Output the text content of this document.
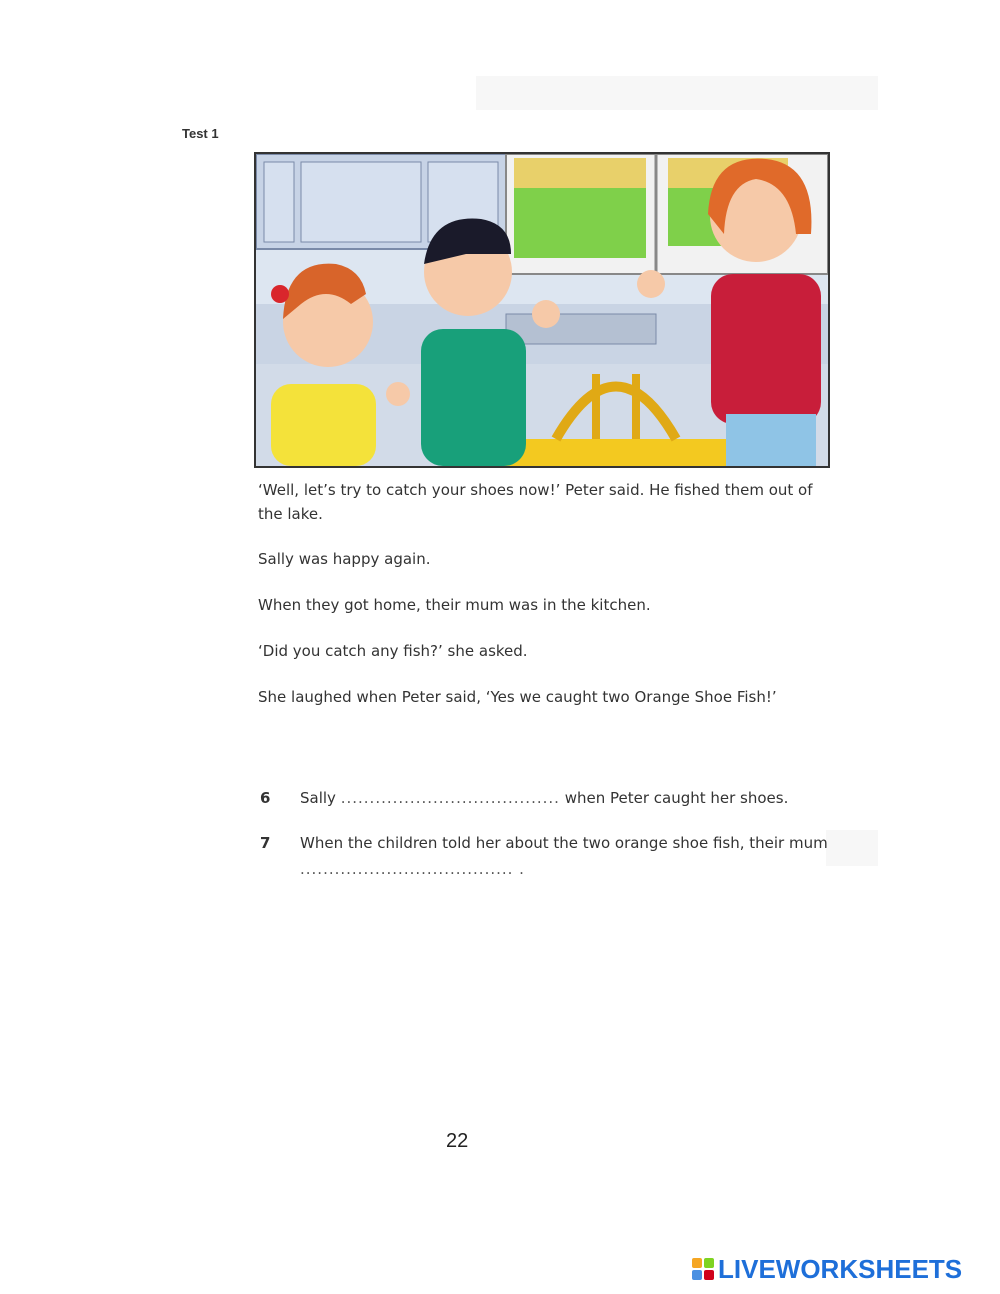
Test 1

‘Well, let’s try to catch your shoes now!’ Peter said. He fished them out of the lake.

Sally was happy again.

When they got home, their mum was in the kitchen.

‘Did you catch any fish?’ she asked.

She laughed when Peter said, ‘Yes we caught two Orange Shoe Fish!’

6 Sally ...................................... when Peter caught her shoes.
7 When the children told her about the two orange shoe fish, their mum
..................................... .
22
LIVEWORKSHEETS
